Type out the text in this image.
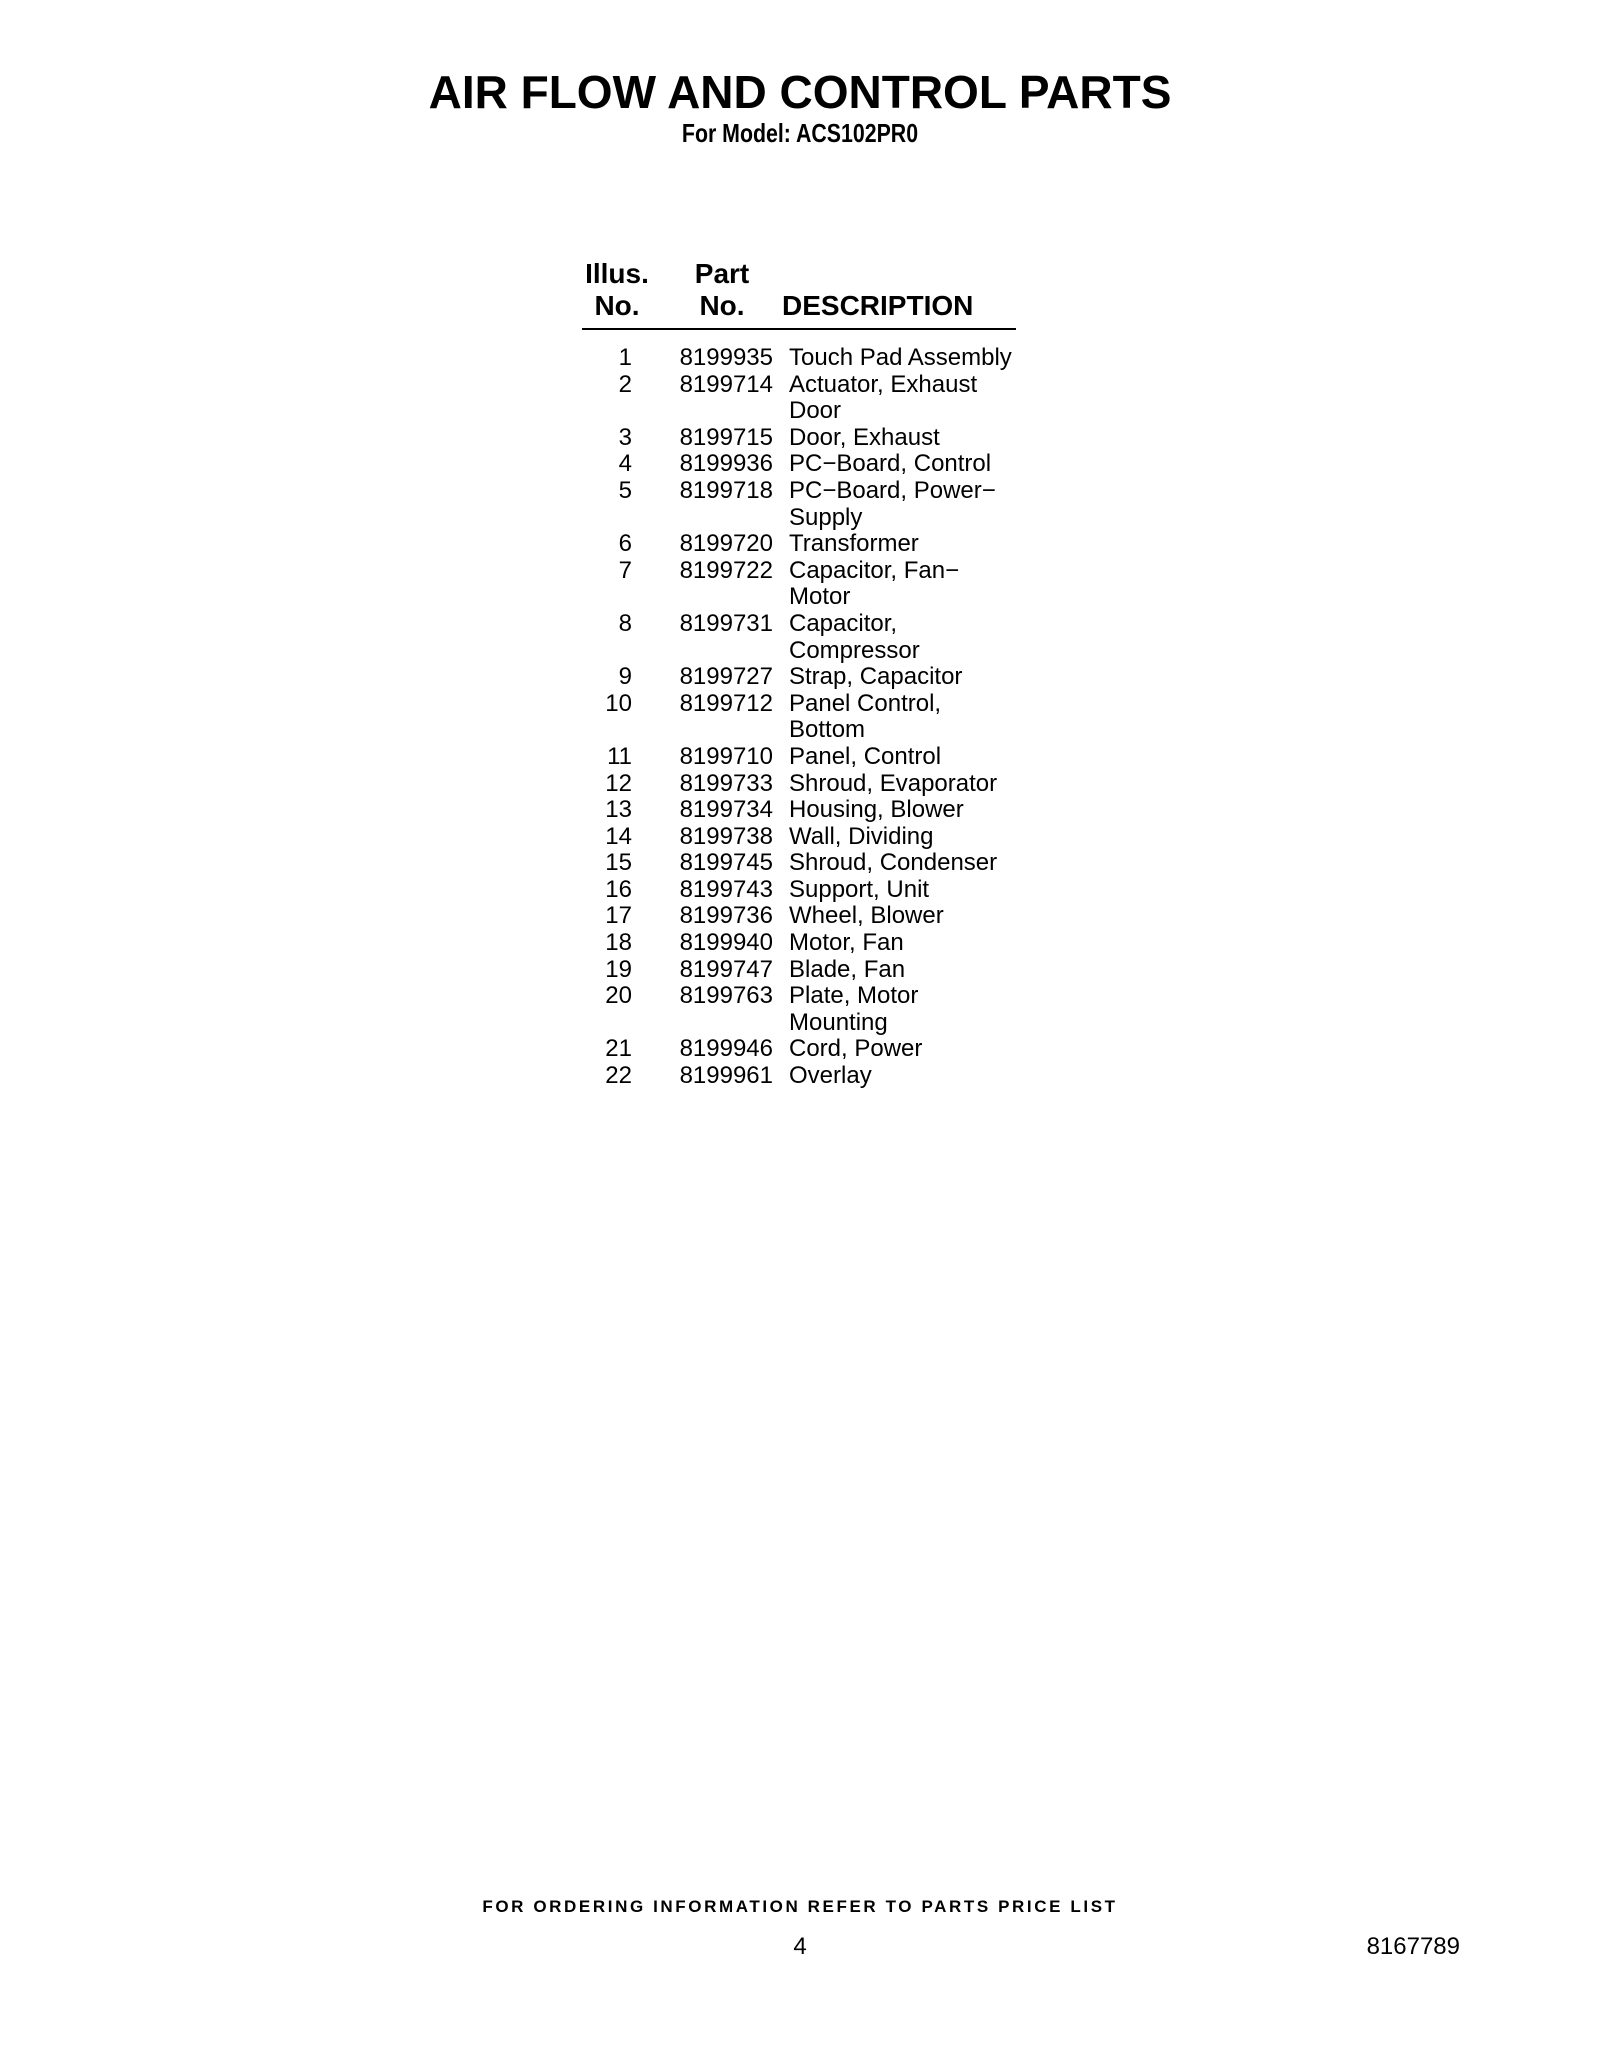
AIR FLOW AND CONTROL PARTS
For Model: ACS102PR0
Illus.
No.
Part
No.	DESCRIPTION
1	8199935 Touch Pad Assembly
2	8199714 Actuator, Exhaust
Door
3	8199715 Door, Exhaust
4	8199936 PC−Board, Control
5	8199718 PC−Board, Power−
Supply
6	8199720 Transformer
7	8199722 Capacitor, Fan−
Motor
8	8199731 Capacitor,
Compressor
9	8199727 Strap, Capacitor
10	8199712 Panel Control,
Bottom
11	8199710 Panel, Control
12	8199733 Shroud, Evaporator
13	8199734 Housing, Blower
14	8199738 Wall, Dividing
15	8199745 Shroud, Condenser
16	8199743 Support, Unit
17	8199736 Wheel, Blower
18	8199940 Motor, Fan
19	8199747 Blade, Fan
20	8199763 Plate, Motor
Mounting
21	8199946 Cord, Power
22	8199961 Overlay
FOR ORDERING INFORMATION REFER TO PARTS PRICE LIST
4	8167789
